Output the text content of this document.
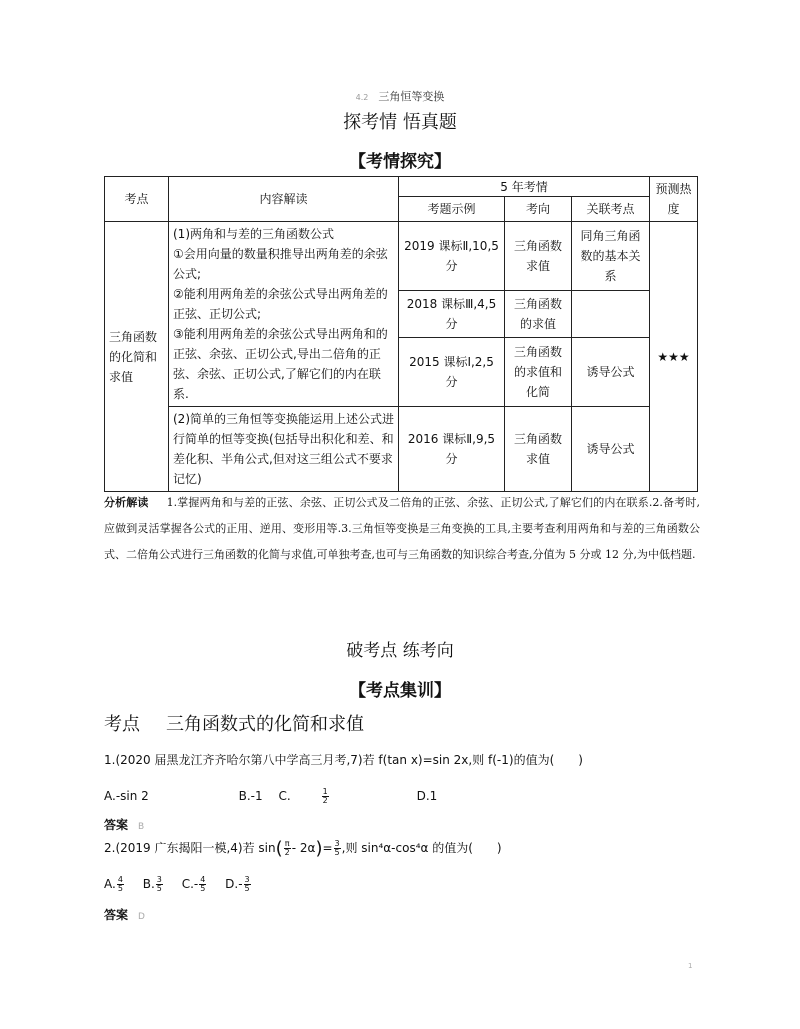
4.2 三角恒等变换
探考情 悟真题
【考情探究】
考点	内容解读	5 年考情			预测热度
		考题示例	考向	关联考点	
三角函数的化简和求值	(1)两角和与差的三角函数公式
①会用向量的数量积推导出两角差的余弦公式;
②能利用两角差的余弦公式导出两角差的正弦、正切公式;
③能利用两角差的余弦公式导出两角和的正弦、余弦、正切公式,导出二倍角的正弦、余弦、正切公式,了解它们的内在联系.	2019 课标Ⅱ,10,5 分	三角函数求值	同角三角函数的基本关系	★★★
		2018 课标Ⅲ,4,5 分	三角函数的求值		
		2015 课标Ⅰ,2,5 分	三角函数的求值和化简	诱导公式	
	(2)简单的三角恒等变换能运用上述公式进行简单的恒等变换(包括导出积化和差、和差化积、半角公式,但对这三组公式不要求记忆)	2016 课标Ⅱ,9,5 分	三角函数求值	诱导公式	
分析解读 1.掌握两角和与差的正弦、余弦、正切公式及二倍角的正弦、余弦、正切公式,了解它们的内在联系.2.备考时,应做到灵活掌握各公式的正用、逆用、变形用等.3.三角恒等变换是三角变换的工具,主要考查利用两角和与差的三角函数公式、二倍角公式进行三角函数的化简与求值,可单独考查,也可与三角函数的知识综合考查,分值为 5 分或 12 分,为中低档题.
破考点 练考向
【考点集训】
考点 三角函数式的化简和求值
1.(2020 届黑龙江齐齐哈尔第八中学高三月考,7)若 f(tan x)=sin 2x,则 f(-1)的值为(　　)
A.-sin 2	B.-1 C.	$\frac{1}{2}$	D.1
答案 B
2.(2019 广东揭阳一模,4)若 $\sin( \frac{\pi}{2} - 2\alpha)= \frac{3}{5}$ ,则 sin⁴α-cos⁴α 的值为(　　)
A. $\frac{4}{5} B$. $\frac{3}{5} C.- \frac{4}{5} D.- \frac{3}{5}$
答案 D
1
